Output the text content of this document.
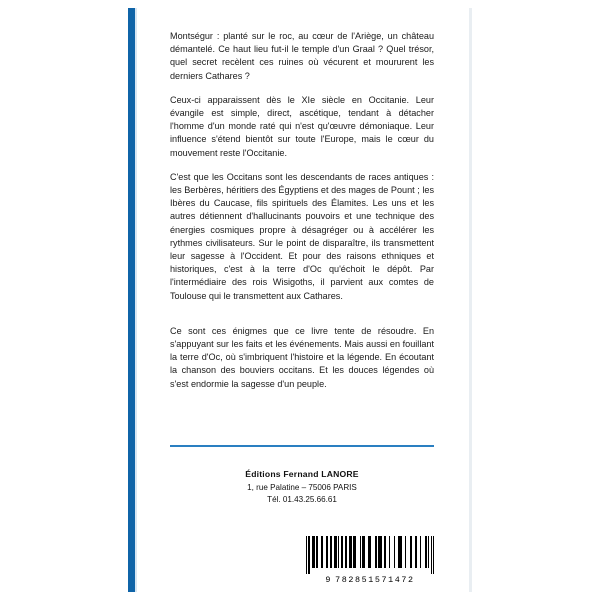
Montségur : planté sur le roc, au cœur de l'Ariège, un château démantelé. Ce haut lieu fut-il le temple d'un Graal ? Quel trésor, quel secret recèlent ces ruines où vécurent et moururent les derniers Cathares ?

Ceux-ci apparaissent dès le XIe siècle en Occitanie. Leur évangile est simple, direct, ascétique, tendant à détacher l'homme d'un monde raté qui n'est qu'œuvre démoniaque. Leur influence s'étend bientôt sur toute l'Europe, mais le cœur du mouvement reste l'Occitanie.

C'est que les Occitans sont les descendants de races antiques : les Berbères, héritiers des Égyptiens et des mages de Pount ; les Ibères du Caucase, fils spirituels des Élamites. Les uns et les autres détiennent d'hallucinants pouvoirs et une technique des énergies cosmiques propre à désagréger ou à accélérer les rythmes civilisateurs. Sur le point de disparaître, ils transmettent leur sagesse à l'Occident. Et pour des raisons ethniques et historiques, c'est à la terre d'Oc qu'échoit le dépôt. Par l'intermédiaire des rois Wisigoths, il parvient aux comtes de Toulouse qui le transmettent aux Cathares.

Ce sont ces énigmes que ce livre tente de résoudre. En s'appuyant sur les faits et les événements. Mais aussi en fouillant la terre d'Oc, où s'imbriquent l'histoire et la légende. En écoutant la chanson des bouviers occitans. Et les douces légendes où s'est endormie la sagesse d'un peuple.

Éditions Fernand LANORE
1, rue Palatine – 75006 PARIS
Tél. 01.43.25.66.61
9 782851571472
